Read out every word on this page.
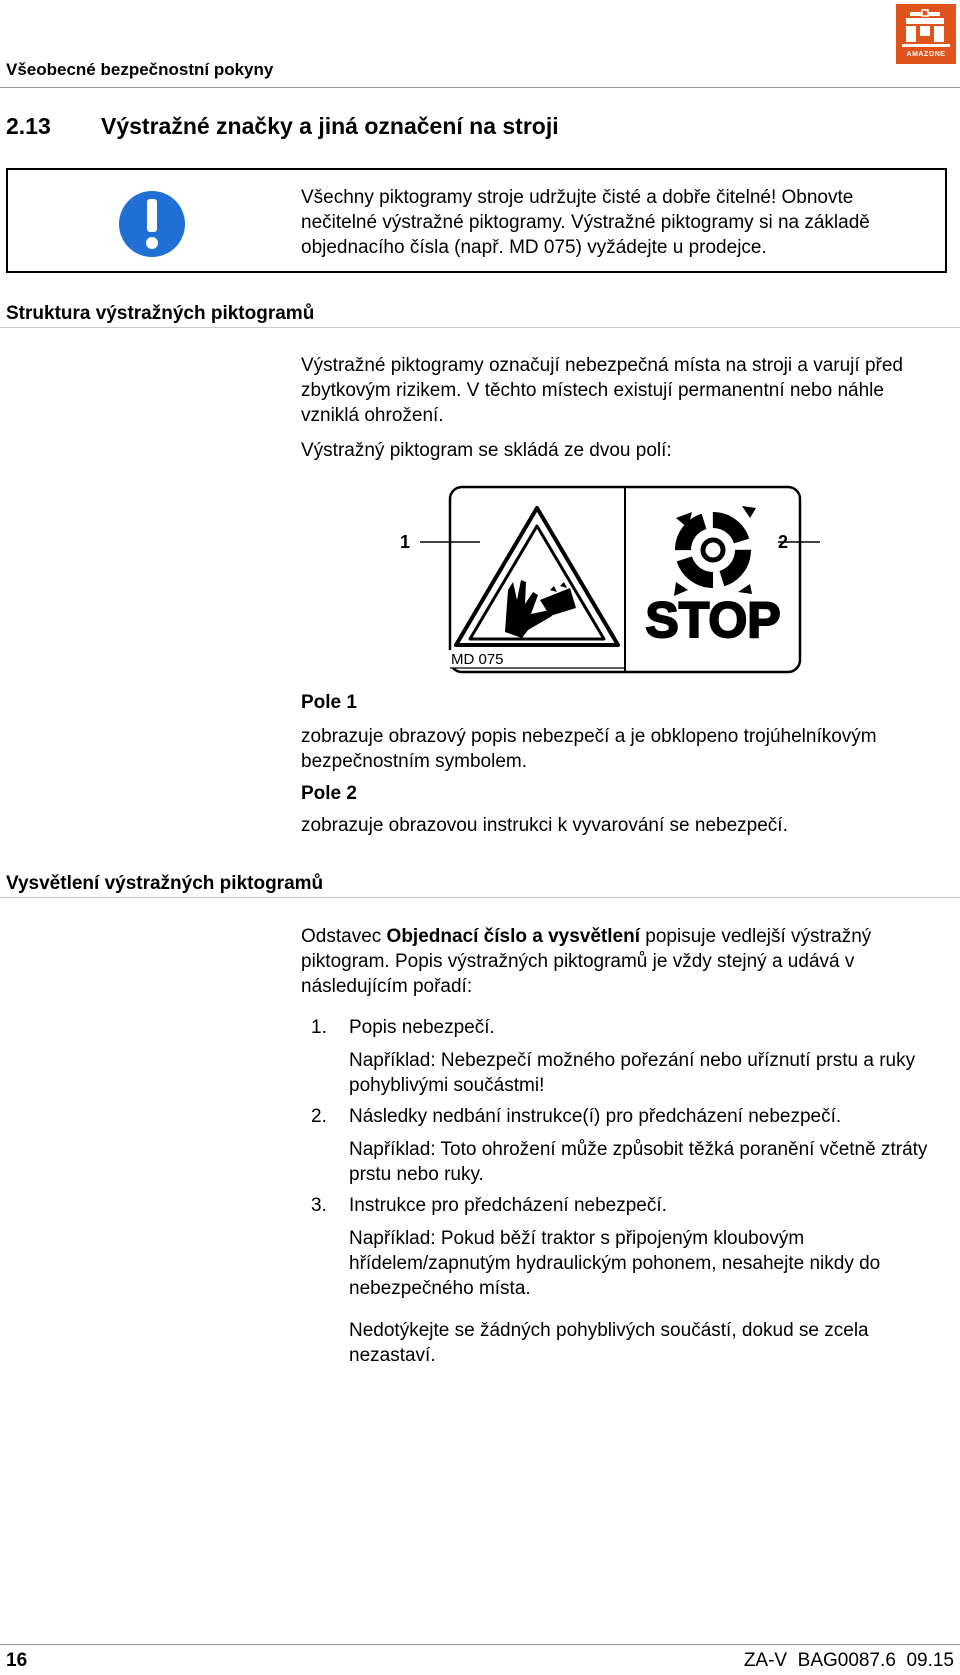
Všeobecné bezpečnostní pokyny
AMAZONE
2.13 Výstražné značky a jiná označení na stroji
Všechny piktogramy stroje udržujte čisté a dobře čitelné! Obnovte nečitelné výstražné piktogramy. Výstražné piktogramy si na základě objednacího čísla (např. MD 075) vyžádejte u prodejce.
Struktura výstražných piktogramů
Výstražné piktogramy označují nebezpečná místa na stroji a varují před zbytkovým rizikem. V těchto místech existují permanentní nebo náhle vzniklá ohrožení.
Výstražný piktogram se skládá ze dvou polí:
1	2
STOP
MD 075
Pole 1
zobrazuje obrazový popis nebezpečí a je obklopeno trojúhelníkovým bezpečnostním symbolem.
Pole 2
zobrazuje obrazovou instrukci k vyvarování se nebezpečí.
Vysvětlení výstražných piktogramů
Odstavec Objednací číslo a vysvětlení popisuje vedlejší výstražný piktogram. Popis výstražných piktogramů je vždy stejný a udává v následujícím pořadí:
1. Popis nebezpečí.
Například: Nebezpečí možného pořezání nebo uříznutí prstu a ruky pohyblivými součástmi!
2. Následky nedbání instrukce(í) pro předcházení nebezpečí.
Například: Toto ohrožení může způsobit těžká poranění včetně ztráty prstu nebo ruky.
3. Instrukce pro předcházení nebezpečí.
Například: Pokud běží traktor s připojeným kloubovým hřídelem/zapnutým hydraulickým pohonem, nesahejte nikdy do nebezpečného místa.
Nedotýkejte se žádných pohyblivých součástí, dokud se zcela nezastaví.
16	ZA-V  BAG0087.6  09.15
